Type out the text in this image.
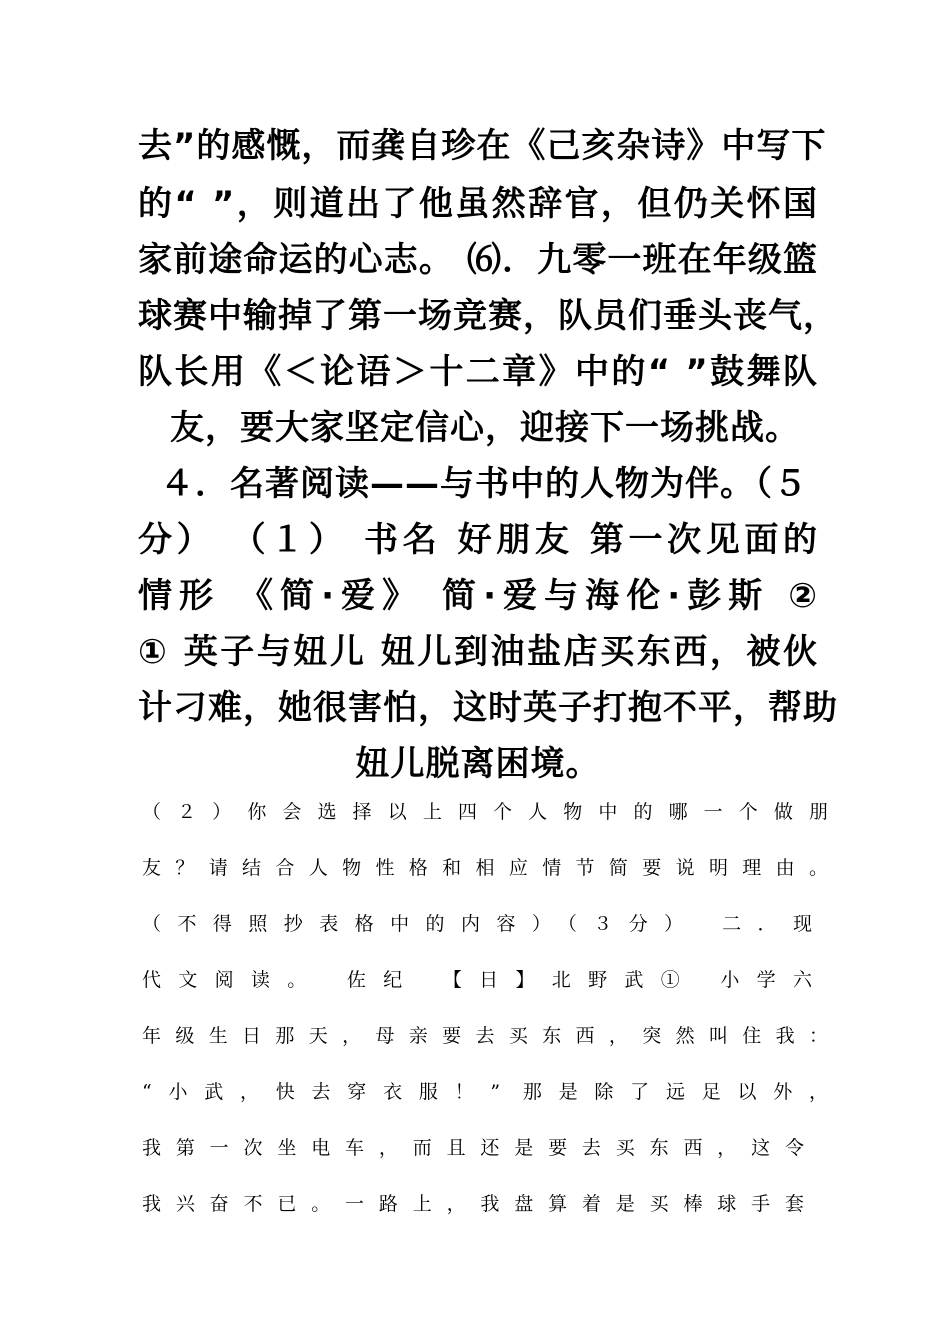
去”的感慨，而龚自珍在《己亥杂诗》中写下
的“ ”，则道出了他虽然辞官，但仍关怀国
家前途命运的心志。 ⑹．九零一班在年级篮
球赛中输掉了第一场竞赛，队员们垂头丧气，
队长用《＜论语＞十二章》中的“ ”鼓舞队
友，要大家坚定信心，迎接下一场挑战。
４．名著阅读——与书中的人物为伴。（５
分） （１） 书名 好朋友 第一次见面的
情形 《简·爱》 简·爱与海伦·彭斯 ②
① 英子与妞儿 妞儿到油盐店买东西，被伙
计刁难，她很害怕，这时英子打抱不平，帮助
妞儿脱离困境。
（２）你会选择以上四个人物中的哪一个做朋
友？请结合人物性格和相应情节简要说明理由。
（不得照抄表格中的内容）（３分） 二．现
代文阅读。 佐纪 【日】北野武① 小学六
年级生日那天，母亲要去买东西，突然叫住我：
“小武，快去穿衣服！” 那是除了远足以外，
我第一次坐电车，而且还是要去买东西，这令
我兴奋不已。一路上，我盘算着是买棒球手套
